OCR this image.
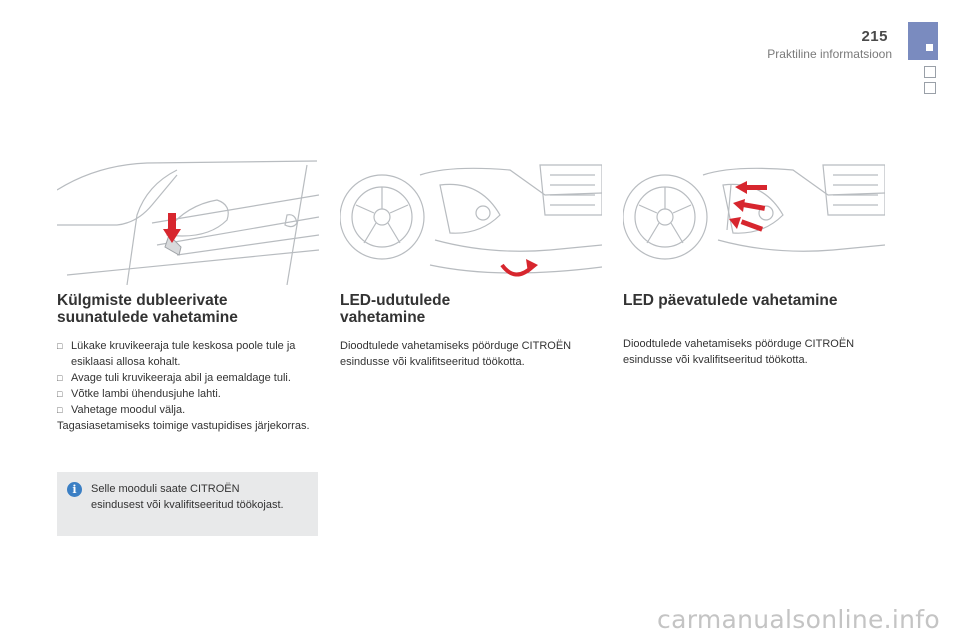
215
Praktiline informatsioon
Külgmiste dubleerivate
suunatulede vahetamine
□ Lükake kruvikeeraja tule keskosa poole tule ja esiklaasi allosa kohalt.
□ Avage tuli kruvikeeraja abil ja eemaldage tuli.
□ Võtke lambi ühendusjuhe lahti.
□ Vahetage moodul välja.

Tagasiasetamiseks toimige vastupidises järjekorras.

LED-udutulede
vahetamine

Dioodtulede vahetamiseks pöörduge CITROËN esindusse või kvalifitseeritud töökotta.

LED päevatulede vahetamine

Dioodtulede vahetamiseks pöörduge CITROËN esindusse või kvalifitseeritud töökotta.

i	Selle mooduli saate CITROËN
esindusest või kvalifitseeritud töökojast.
carmanualsonline.info
